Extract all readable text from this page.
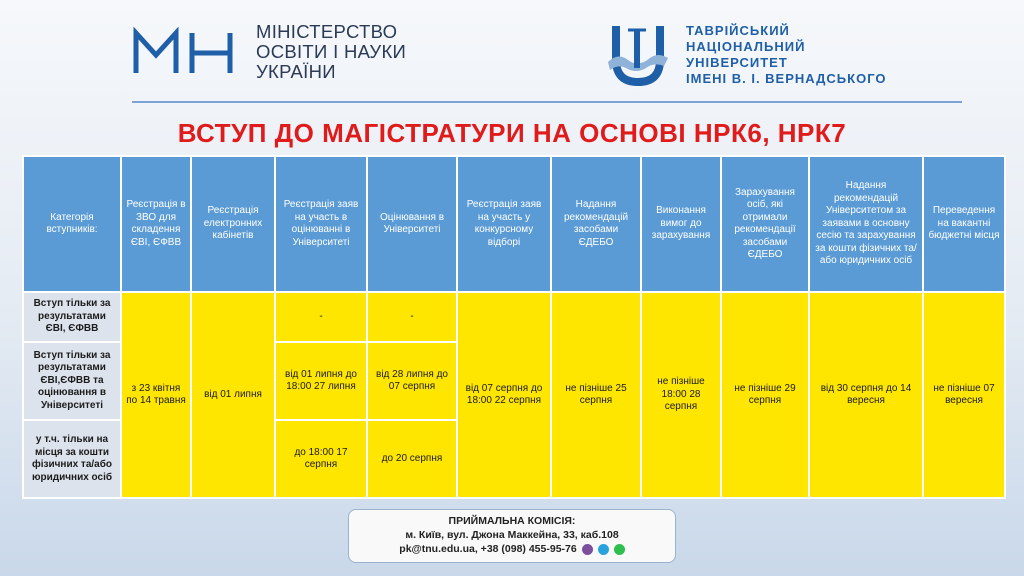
МІНІСТЕРСТВО
ОСВІТИ І НАУКИ
УКРАЇНИ
ТАВРІЙСЬКИЙ
НАЦІОНАЛЬНИЙ
УНІВЕРСИТЕТ
ІМЕНІ В. І. ВЕРНАДСЬКОГО
ВСТУП ДО МАГІСТРАТУРИ НА ОСНОВІ НРК6, НРК7
Категорія вступників:
Реєстрація в ЗВО для складення ЄВІ, ЄФВВ
Реєстрація електронних кабінетів
Реєстрація заяв на участь в оцінюванні в Університеті
Оцінювання в Університеті
Реєстрація заяв на участь у конкурсному відборі
Надання рекомендацій засобами ЄДЕБО
Виконання вимог до зарахування
Зарахування осіб, які отримали рекомендації засобами ЄДЕБО
Надання рекомендацій Університетом за заявами в основну сесію та зарахування за кошти фізичних та/або юридичних осіб
Переведення на вакантні бюджетні місця
Вступ тільки за результатами ЄВІ, ЄФВВ
Вступ тільки за результатами ЄВІ,ЄФВВ та оцінювання в Університеті
у т.ч. тільки на місця за кошти фізичних та/або юридичних осіб
з 23 квітня по 14 травня
від 01 липня
-
від 01 липня до 18:00 27 липня
до 18:00 17 серпня
-
від 28 липня до 07 серпня
до 20 серпня
від 07 серпня до 18:00 22 серпня
не пізніше 25 серпня
не пізніше 18:00 28 серпня
не пізніше 29 серпня
від 30 серпня до 14 вересня
не пізніше 07 вересня
ПРИЙМАЛЬНА КОМІСІЯ:
м. Київ, вул. Джона Маккейна, 33, каб.108
pk@tnu.edu.ua, +38 (098) 455-95-76
